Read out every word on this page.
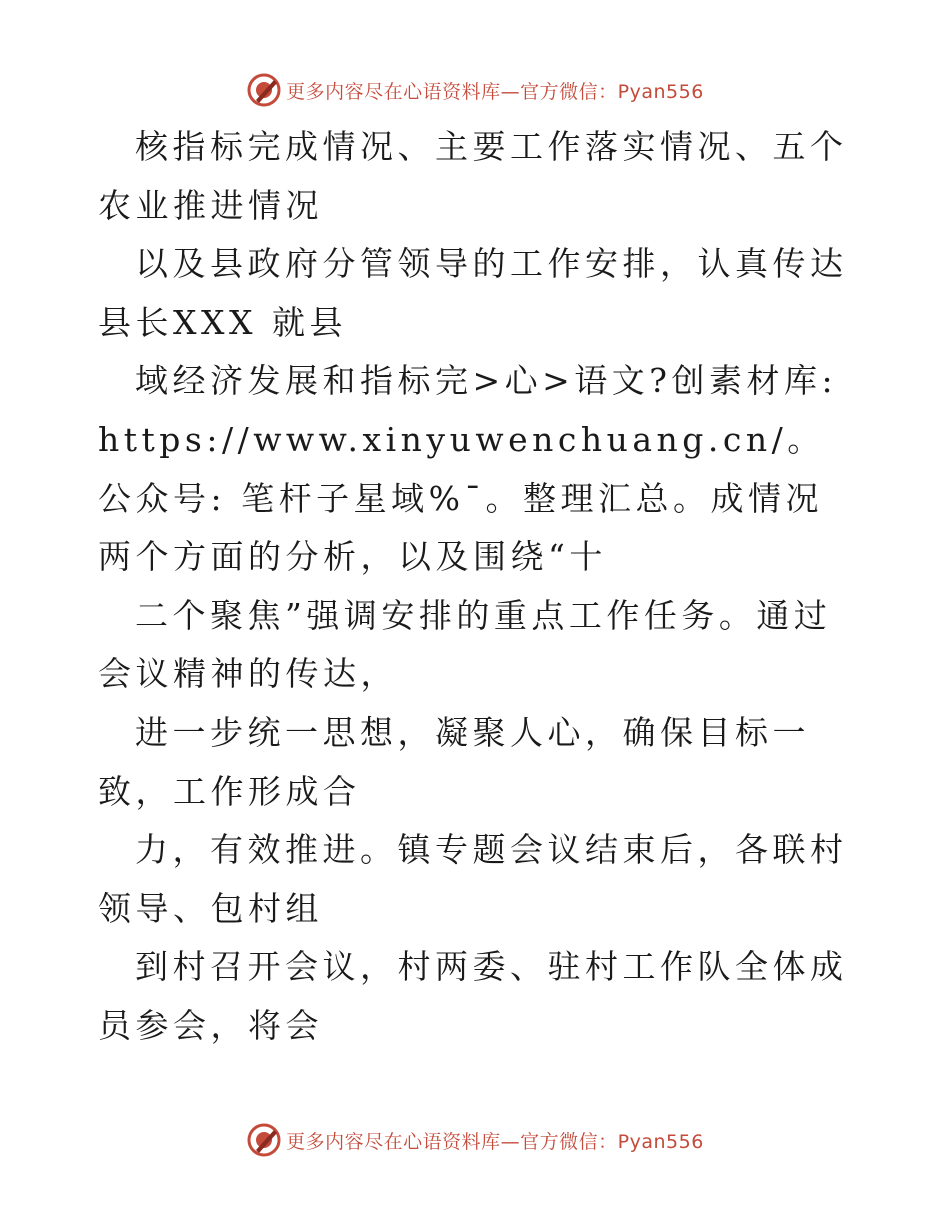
更多内容尽在心语资料库—官方微信：Pyan556

核指标完成情况、主要工作落实情况、五个农业推进情况

以及县政府分管领导的工作安排，认真传达县长XXX 就县

域经济发展和指标完>心>语文?创素材库: https://www.xinyuwenchuang.cn/。公众号: 笔杆子星域%¯。整理汇总。成情况两个方面的分析，以及围绕“十

二个聚焦”强调安排的重点工作任务。通过会议精神的传达，

进一步统一思想，凝聚人心，确保目标一致，工作形成合

力，有效推进。镇专题会议结束后，各联村领导、包村组

到村召开会议，村两委、驻村工作队全体成员参会，将会

更多内容尽在心语资料库—官方微信：Pyan556
